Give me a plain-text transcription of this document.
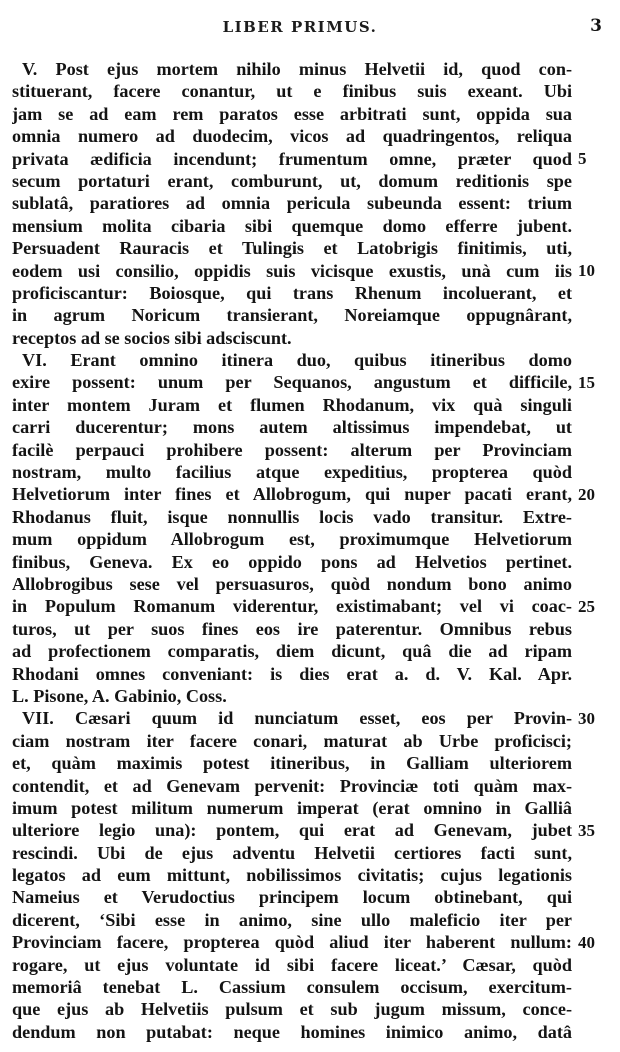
LIBER PRIMUS.	3
V. Post ejus mortem nihilo minus Helvetii id, quod con-
stituerant, facere conantur, ut e finibus suis exeant. Ubi
jam se ad eam rem paratos esse arbitrati sunt, oppida sua
omnia numero ad duodecim, vicos ad quadringentos, reliqua
privata ædificia incendunt; frumentum omne, præter quod
secum portaturi erant, comburunt, ut, domum reditionis spe
sublatâ, paratiores ad omnia pericula subeunda essent: trium
mensium molita cibaria sibi quemque domo efferre jubent.
Persuadent Rauracis et Tulingis et Latobrigis finitimis, uti,
eodem usi consilio, oppidis suis vicisque exustis, unà cum iis
proficiscantur: Boiosque, qui trans Rhenum incoluerant, et
in agrum Noricum transierant, Noreiamque oppugnârant,
receptos ad se socios sibi adsciscunt.
VI. Erant omnino itinera duo, quibus itineribus domo
exire possent: unum per Sequanos, angustum et difficile,
inter montem Juram et flumen Rhodanum, vix quà singuli
carri ducerentur; mons autem altissimus impendebat, ut
facilè perpauci prohibere possent: alterum per Provinciam
nostram, multo facilius atque expeditius, propterea quòd
Helvetiorum inter fines et Allobrogum, qui nuper pacati erant,
Rhodanus fluit, isque nonnullis locis vado transitur. Extre-
mum oppidum Allobrogum est, proximumque Helvetiorum
finibus, Geneva. Ex eo oppido pons ad Helvetios pertinet.
Allobrogibus sese vel persuasuros, quòd nondum bono animo
in Populum Romanum viderentur, existimabant; vel vi coac-
turos, ut per suos fines eos ire paterentur. Omnibus rebus
ad profectionem comparatis, diem dicunt, quâ die ad ripam
Rhodani omnes conveniant: is dies erat a. d. V. Kal. Apr.
L. Pisone, A. Gabinio, Coss.
VII. Cæsari quum id nunciatum esset, eos per Provin-
ciam nostram iter facere conari, maturat ab Urbe proficisci;
et, quàm maximis potest itineribus, in Galliam ulteriorem
contendit, et ad Genevam pervenit: Provinciæ toti quàm max-
imum potest militum numerum imperat (erat omnino in Galliâ
ulteriore legio una): pontem, qui erat ad Genevam, jubet
rescindi. Ubi de ejus adventu Helvetii certiores facti sunt,
legatos ad eum mittunt, nobilissimos civitatis; cujus legationis
Nameius et Verudoctius principem locum obtinebant, qui
dicerent, ‘Sibi esse in animo, sine ullo maleficio iter per
Provinciam facere, propterea quòd aliud iter haberent nullum:
rogare, ut ejus voluntate id sibi facere liceat.’ Cæsar, quòd
memoriâ tenebat L. Cassium consulem occisum, exercitum-
que ejus ab Helvetiis pulsum et sub jugum missum, conce-
dendum non putabat: neque homines inimico animo, datâ
5
10
15
20
25
30
35
40
